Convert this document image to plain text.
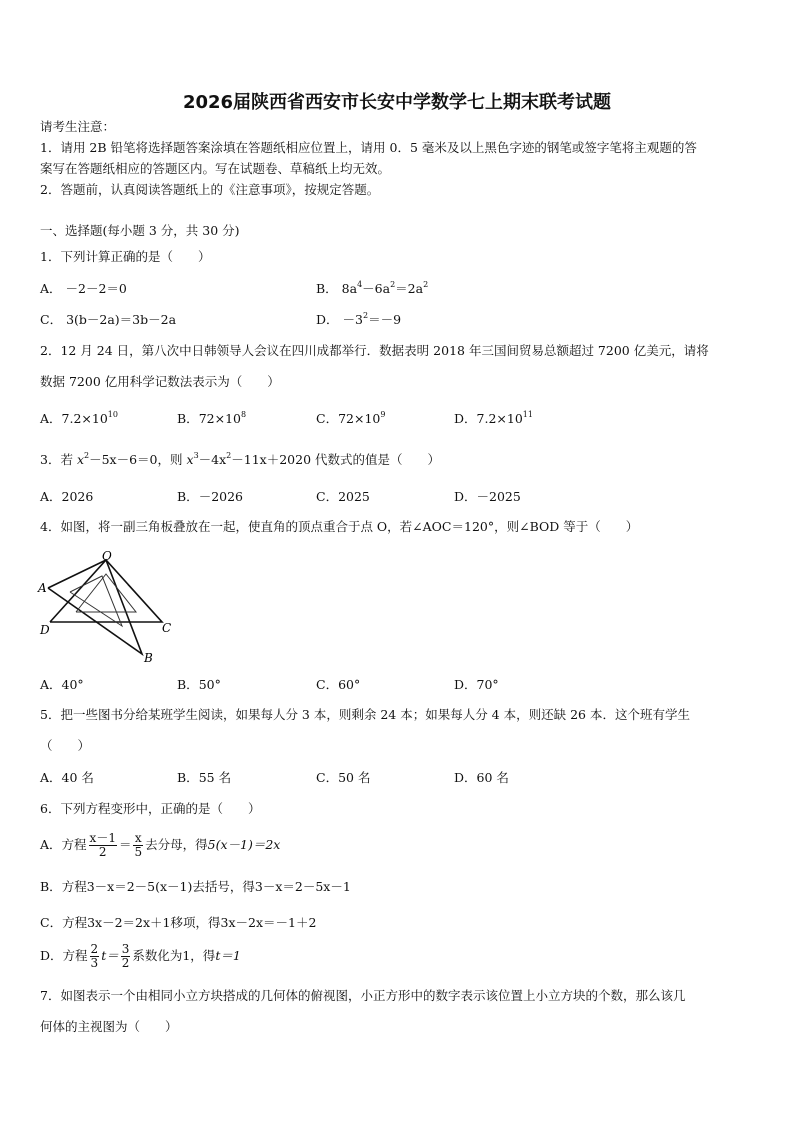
2026届陕西省西安市长安中学数学七上期末联考试题
请考生注意：
1．请用 2B 铅笔将选择题答案涂填在答题纸相应位置上，请用 0．5 毫米及以上黑色字迹的钢笔或签字笔将主观题的答
案写在答题纸相应的答题区内。写在试题卷、草稿纸上均无效。
2．答题前，认真阅读答题纸上的《注意事项》，按规定答题。
一、选择题(每小题 3 分，共 30 分)
1．下列计算正确的是（　　）
A． －2－2＝0	B． $8a^4-6a^2=2a^2$
C． 3(b－2a)＝3b－2a	D． $-3^2=-9$
2．12 月 24 日，第八次中日韩领导人会议在四川成都举行．数据表明 2018 年三国间贸易总额超过 7200 亿美元，请将
数据 7200 亿用科学记数法表示为（　　）
A．$7.2\times 10^{10}$	B．$72\times 10^8$	C．$72\times 10^9$	D．$7.2\times 10^{11}$
3．若 $x^2-5x-6=0$，则 $x^3-4x^2-11x+2020$ 代数式的值是（　　）
A．2026	B．－2026	C．2025	D．－2025
4．如图，将一副三角板叠放在一起，使直角的顶点重合于点 O，若∠AOC＝120°，则∠BOD 等于（　　）
O
A
D	C
B
A．40°	B．50°	C．60°	D．70°
5．把一些图书分给某班学生阅读，如果每人分 3 本，则剩余 24 本；如果每人分 4 本，则还缺 26 本．这个班有学生
（　　）
A．40 名	B．55 名	C．50 名	D．60 名
6．下列方程变形中，正确的是（　　）
A．方程 $\frac{x-1}{2} = \frac{x}{5}$ 去分母，得5(x－1)＝2x
B．方程3－x＝2－5(x－1)去括号，得3－x＝2－5x－1
C．方程3x－2＝2x＋1移项，得3x－2x＝－1＋2
D．方程 $\frac{2}{3} t= \frac{3}{2}$ 系数化为1，得t＝1
7．如图表示一个由相同小立方块搭成的几何体的俯视图，小正方形中的数字表示该位置上小立方块的个数，那么该几
何体的主视图为（　　）
